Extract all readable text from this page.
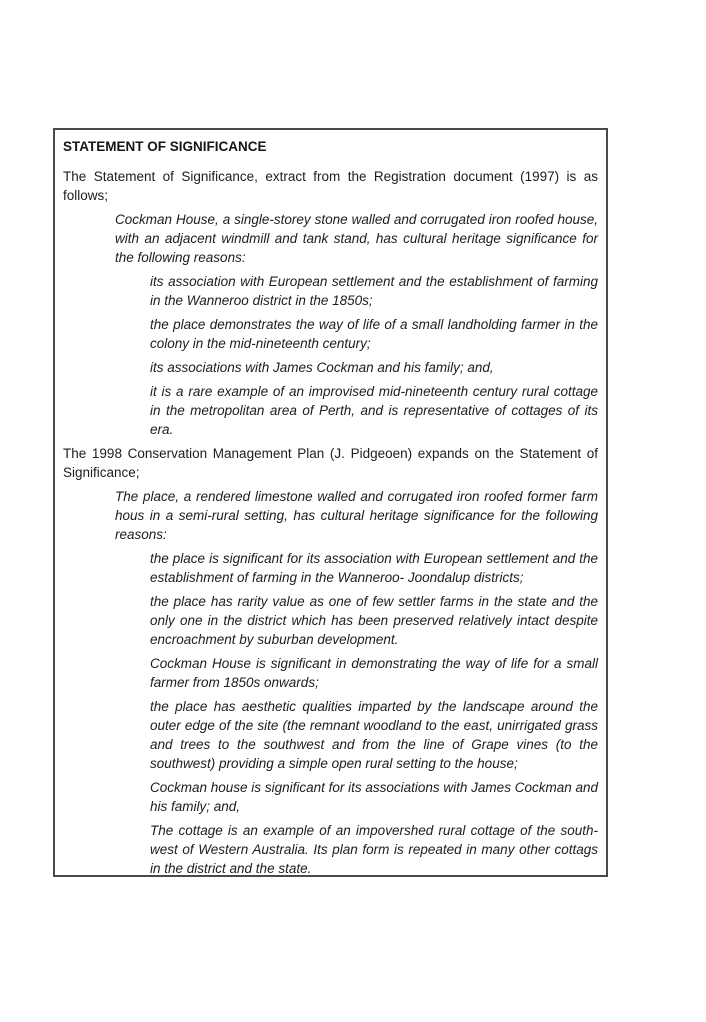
STATEMENT OF SIGNIFICANCE

The Statement of Significance, extract from the Registration document (1997) is as follows;

Cockman House, a single-storey stone walled and corrugated iron roofed house, with an adjacent windmill and tank stand, has cultural heritage significance for the following reasons:

its association with European settlement and the establishment of farming in the Wanneroo district in the 1850s;

the place demonstrates the way of life of a small landholding farmer in the colony in the mid-nineteenth century;

its associations with James Cockman and his family; and,

it is a rare example of an improvised mid-nineteenth century rural cottage in the metropolitan area of Perth, and is representative of cottages of its era.

The 1998 Conservation Management Plan (J. Pidgeoen) expands on the Statement of Significance;

The place, a rendered limestone walled and corrugated iron roofed former farm hous in a semi-rural setting, has cultural heritage significance for the following reasons:

the place is significant for its association with European settlement and the establishment of farming in the Wanneroo- Joondalup districts;

the place has rarity value as one of few settler farms in the state and the only one in the district which has been preserved relatively intact despite encroachment by suburban development.

Cockman House is significant in demonstrating the way of life for a small farmer from 1850s onwards;

the place has aesthetic qualities imparted by the landscape around the outer edge of the site (the remnant woodland to the east, unirrigated grass and trees to the southwest and from the line of Grape vines (to the southwest) providing a simple open rural setting to the house;

Cockman house is significant for its associations with James Cockman and his family; and,

The cottage is an example of an impovershed rural cottage of the south-west of Western Australia. Its plan form is repeated in many other cottags in the district and the state.
